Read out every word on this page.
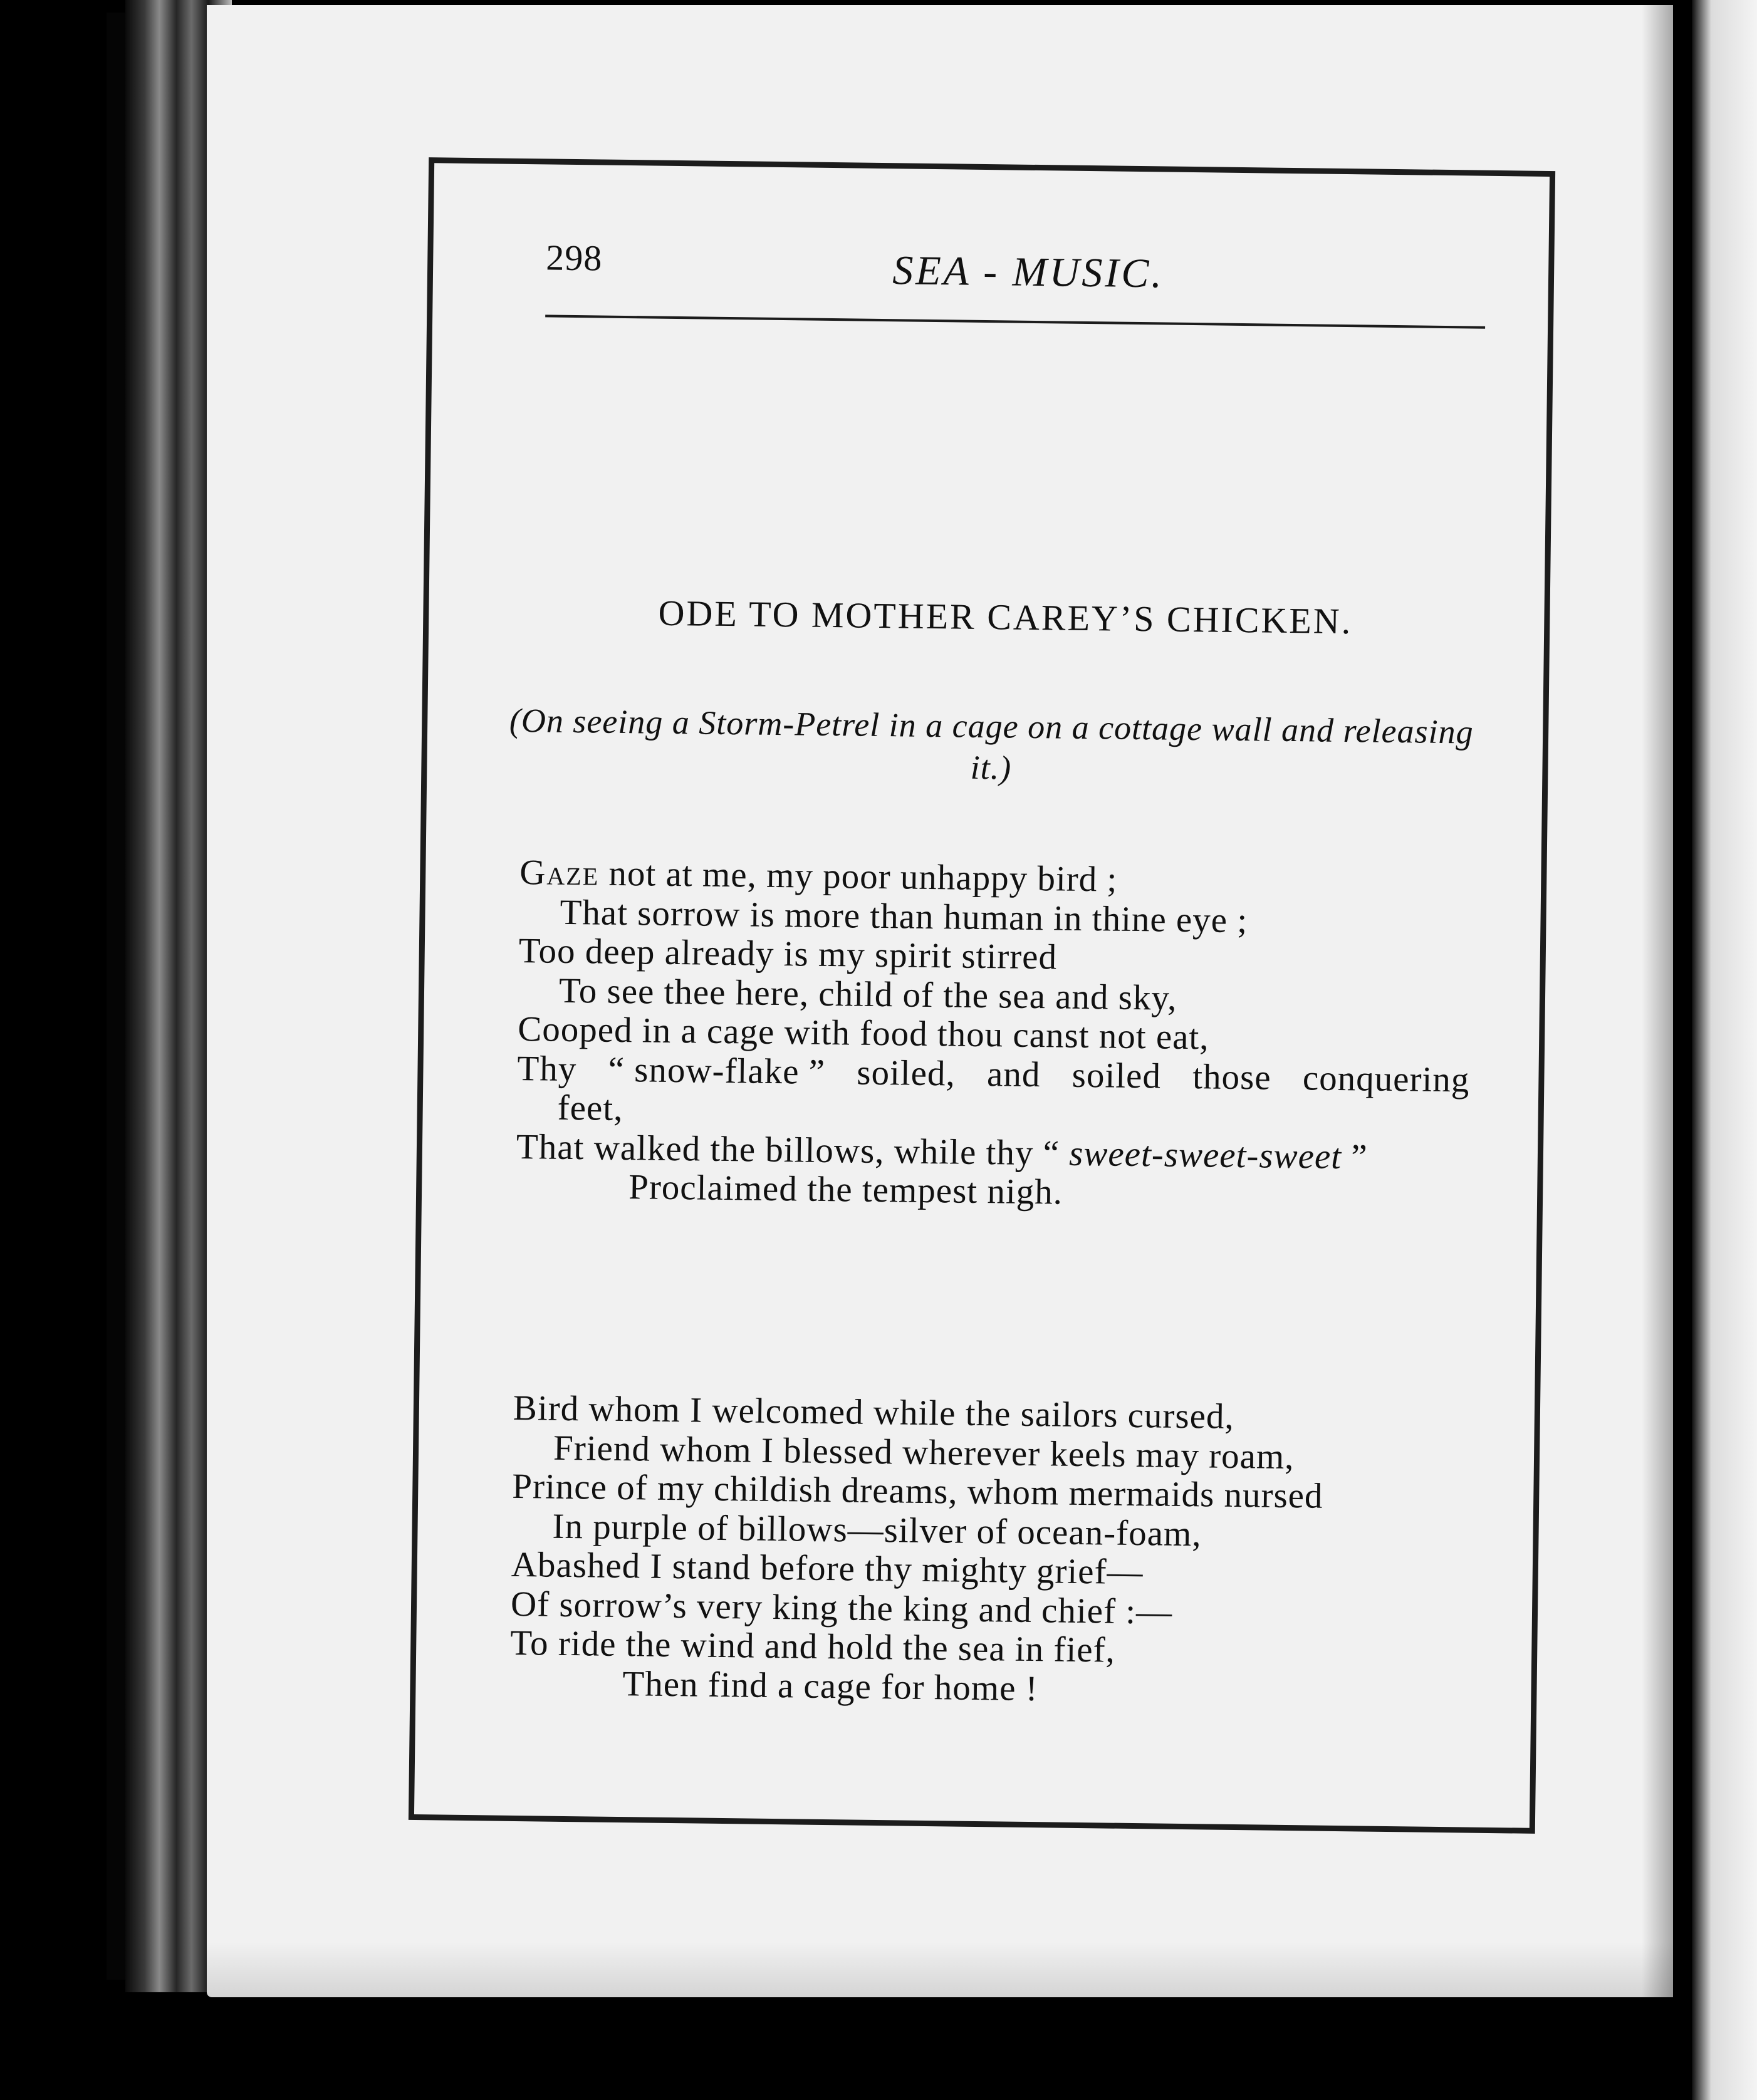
298	SEA - MUSIC.
ODE TO MOTHER CAREY’S CHICKEN.
(On seeing a Storm-Petrel in a cage on a cottage wall and releasing it.)
Gaze not at me, my poor unhappy bird ;
That sorrow is more than human in thine eye ;
Too deep already is my spirit stirred
To see thee here, child of the sea and sky,
Cooped in a cage with food thou canst not eat,
Thy “ snow-flake ” soiled, and soiled those conquering
feet,
That walked the billows, while thy “ sweet-sweet-sweet ”
Proclaimed the tempest nigh.
Bird whom I welcomed while the sailors cursed,
Friend whom I blessed wherever keels may roam,
Prince of my childish dreams, whom mermaids nursed
In purple of billows—silver of ocean-foam,
Abashed I stand before thy mighty grief—
Of sorrow’s very king the king and chief :—
To ride the wind and hold the sea in fief,
Then find a cage for home !
